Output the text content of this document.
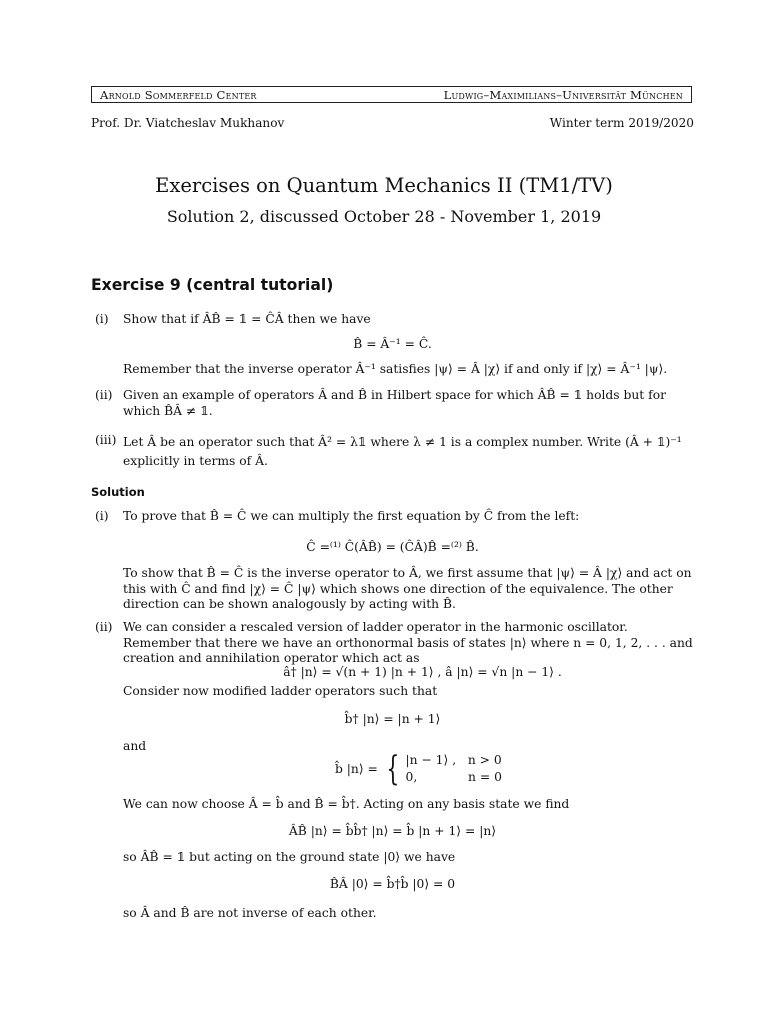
Arnold Sommerfeld Center	Ludwig–Maximilians–Universität München
Prof. Dr. Viatcheslav Mukhanov	Winter term 2019/2020
Exercises on Quantum Mechanics II (TM1/TV)
Solution 2, discussed October 28 - November 1, 2019
Exercise 9 (central tutorial)
(i) Show that if ÂB̂ = 𝟙 = ĈÂ then we have
B̂ = Â⁻¹ = Ĉ.
Remember that the inverse operator Â⁻¹ satisfies |ψ⟩ = Â |χ⟩ if and only if |χ⟩ = Â⁻¹ |ψ⟩.
(ii) Given an example of operators Â and B̂ in Hilbert space for which ÂB̂ = 𝟙 holds but for which B̂Â ≠ 𝟙.
(iii) Let Â be an operator such that Â² = λ𝟙 where λ ≠ 1 is a complex number. Write (Â + 𝟙)⁻¹ explicitly in terms of Â.
Solution
(i) To prove that B̂ = Ĉ we can multiply the first equation by Ĉ from the left:
Ĉ =⁽¹⁾ Ĉ(ÂB̂) = (ĈÂ)B̂ =⁽²⁾ B̂.
To show that B̂ = Ĉ is the inverse operator to Â, we first assume that |ψ⟩ = Â |χ⟩ and act on this with Ĉ and find |χ⟩ = Ĉ |ψ⟩ which shows one direction of the equivalence. The other direction can be shown analogously by acting with B̂.
(ii) We can consider a rescaled version of ladder operator in the harmonic oscillator. Remember that there we have an orthonormal basis of states |n⟩ where n = 0, 1, 2, . . . and creation and annihilation operator which act as
â† |n⟩ = √(n + 1) |n + 1⟩ , â |n⟩ = √n |n − 1⟩ .
Consider now modified ladder operators such that
b̂† |n⟩ = |n + 1⟩
and
b̂ |n⟩ = { |n − 1⟩ ,   n > 0
0,             n = 0
We can now choose Â = b̂ and B̂ = b̂†. Acting on any basis state we find
ÂB̂ |n⟩ = b̂b̂† |n⟩ = b̂ |n + 1⟩ = |n⟩
so ÂB̂ = 𝟙 but acting on the ground state |0⟩ we have
B̂Â |0⟩ = b̂†b̂ |0⟩ = 0
so Â and B̂ are not inverse of each other.
